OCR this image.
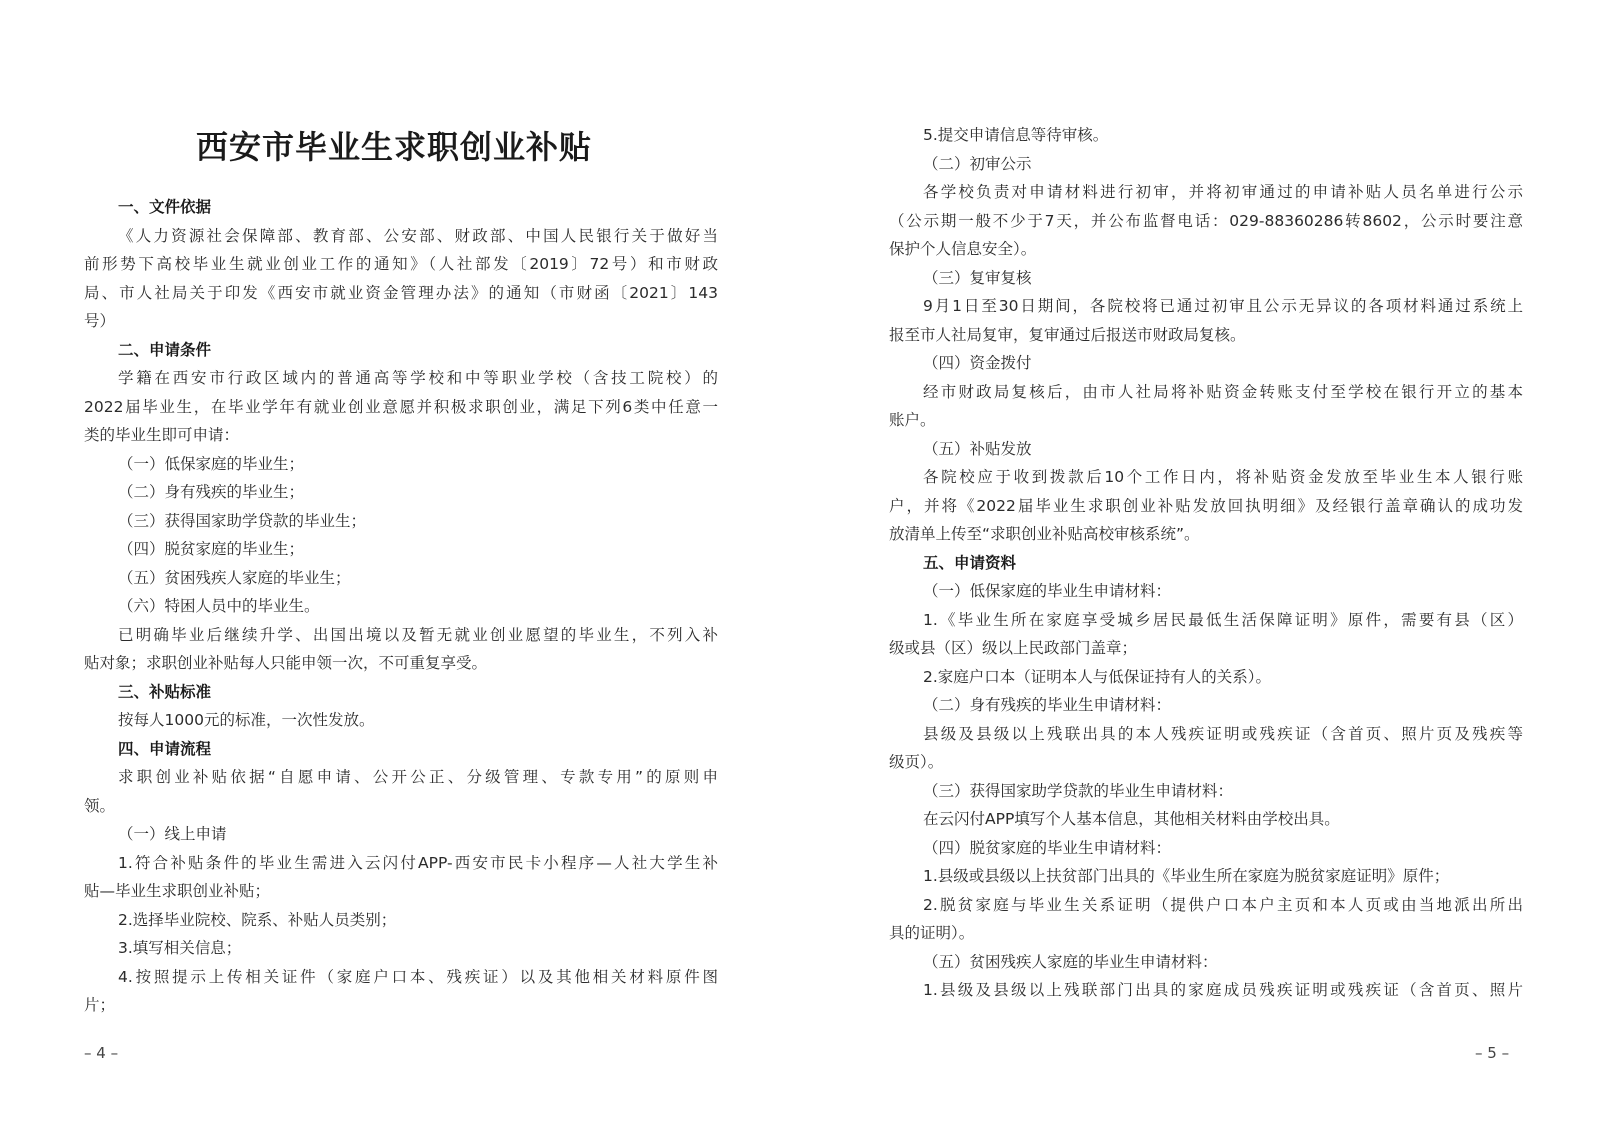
西安市毕业生求职创业补贴
一、文件依据
《人力资源社会保障部、教育部、公安部、财政部、中国人民银行关于做好当
前形势下高校毕业生就业创业工作的通知》（人社部发〔2019〕72号）和市财政
局、市人社局关于印发《西安市就业资金管理办法》的通知（市财函〔2021〕143
号）
二、申请条件
学籍在西安市行政区域内的普通高等学校和中等职业学校（含技工院校）的
2022届毕业生，在毕业学年有就业创业意愿并积极求职创业，满足下列6类中任意一
类的毕业生即可申请：
（一）低保家庭的毕业生；
（二）身有残疾的毕业生；
（三）获得国家助学贷款的毕业生；
（四）脱贫家庭的毕业生；
（五）贫困残疾人家庭的毕业生；
（六）特困人员中的毕业生。
已明确毕业后继续升学、出国出境以及暂无就业创业愿望的毕业生，不列入补
贴对象；求职创业补贴每人只能申领一次，不可重复享受。
三、补贴标准
按每人1000元的标准，一次性发放。
四、申请流程
求职创业补贴依据“自愿申请、公开公正、分级管理、专款专用”的原则申
领。
（一）线上申请
1.符合补贴条件的毕业生需进入云闪付APP-西安市民卡小程序—人社大学生补
贴—毕业生求职创业补贴；
2.选择毕业院校、院系、补贴人员类别；
3.填写相关信息；
4.按照提示上传相关证件（家庭户口本、残疾证）以及其他相关材料原件图
片；
– 4 –
5.提交申请信息等待审核。
（二）初审公示
各学校负责对申请材料进行初审，并将初审通过的申请补贴人员名单进行公示
（公示期一般不少于7天，并公布监督电话：029-88360286转8602，公示时要注意
保护个人信息安全）。
（三）复审复核
9月1日至30日期间，各院校将已通过初审且公示无异议的各项材料通过系统上
报至市人社局复审，复审通过后报送市财政局复核。
（四）资金拨付
经市财政局复核后，由市人社局将补贴资金转账支付至学校在银行开立的基本
账户。
（五）补贴发放
各院校应于收到拨款后10个工作日内，将补贴资金发放至毕业生本人银行账
户，并将《2022届毕业生求职创业补贴发放回执明细》及经银行盖章确认的成功发
放清单上传至“求职创业补贴高校审核系统”。
五、申请资料
（一）低保家庭的毕业生申请材料：
1.《毕业生所在家庭享受城乡居民最低生活保障证明》原件，需要有县（区）
级或县（区）级以上民政部门盖章；
2.家庭户口本（证明本人与低保证持有人的关系）。
（二）身有残疾的毕业生申请材料：
县级及县级以上残联出具的本人残疾证明或残疾证（含首页、照片页及残疾等
级页）。
（三）获得国家助学贷款的毕业生申请材料：
在云闪付APP填写个人基本信息，其他相关材料由学校出具。
（四）脱贫家庭的毕业生申请材料：
1.县级或县级以上扶贫部门出具的《毕业生所在家庭为脱贫家庭证明》原件；
2.脱贫家庭与毕业生关系证明（提供户口本户主页和本人页或由当地派出所出
具的证明）。
（五）贫困残疾人家庭的毕业生申请材料：
1.县级及县级以上残联部门出具的家庭成员残疾证明或残疾证（含首页、照片
– 5 –
